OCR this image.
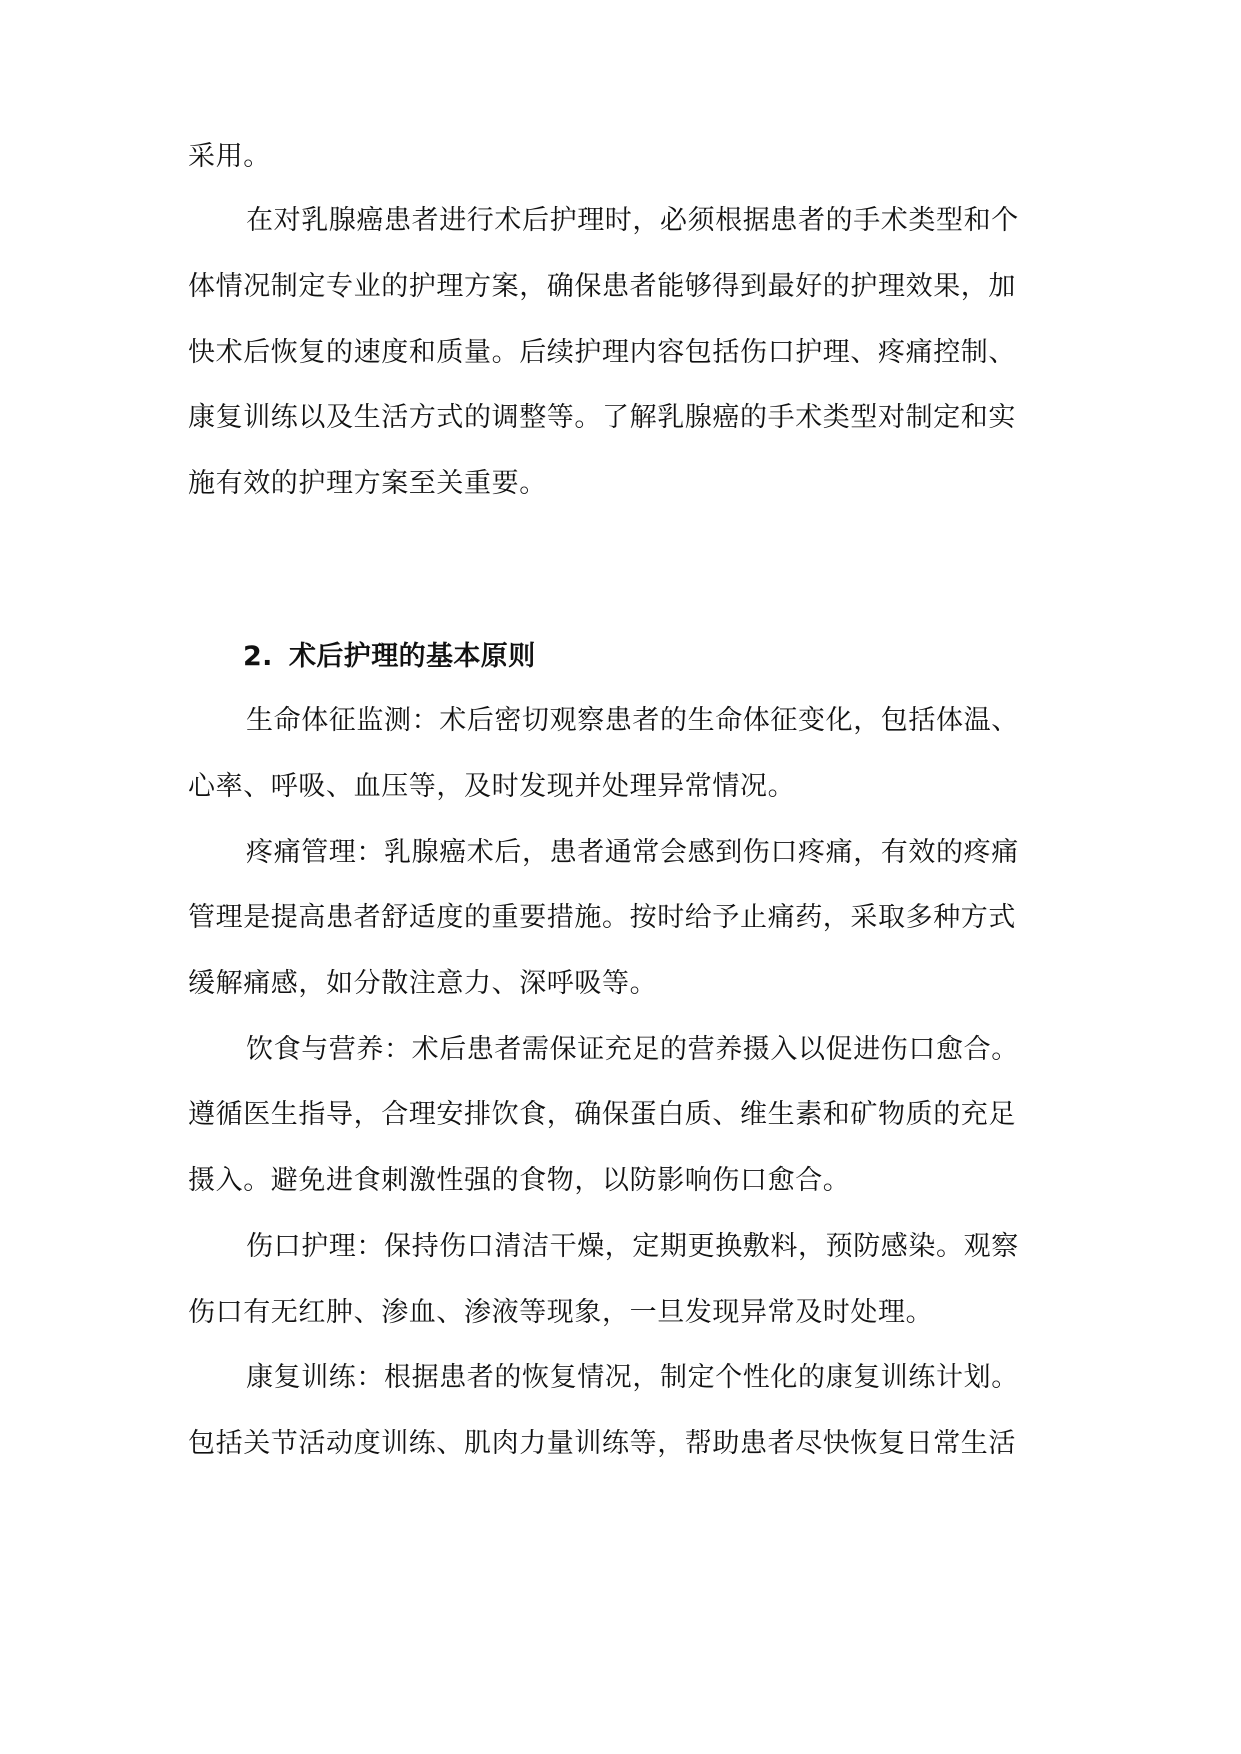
采用。
在对乳腺癌患者进行术后护理时，必须根据患者的手术类型和个
体情况制定专业的护理方案，确保患者能够得到最好的护理效果，加
快术后恢复的速度和质量。后续护理内容包括伤口护理、疼痛控制、
康复训练以及生活方式的调整等。了解乳腺癌的手术类型对制定和实
施有效的护理方案至关重要。
2. 术后护理的基本原则
生命体征监测：术后密切观察患者的生命体征变化，包括体温、
心率、呼吸、血压等，及时发现并处理异常情况。
疼痛管理：乳腺癌术后，患者通常会感到伤口疼痛，有效的疼痛
管理是提高患者舒适度的重要措施。按时给予止痛药，采取多种方式
缓解痛感，如分散注意力、深呼吸等。
饮食与营养：术后患者需保证充足的营养摄入以促进伤口愈合。
遵循医生指导，合理安排饮食，确保蛋白质、维生素和矿物质的充足
摄入。避免进食刺激性强的食物，以防影响伤口愈合。
伤口护理：保持伤口清洁干燥，定期更换敷料，预防感染。观察
伤口有无红肿、渗血、渗液等现象，一旦发现异常及时处理。
康复训练：根据患者的恢复情况，制定个性化的康复训练计划。
包括关节活动度训练、肌肉力量训练等，帮助患者尽快恢复日常生活
